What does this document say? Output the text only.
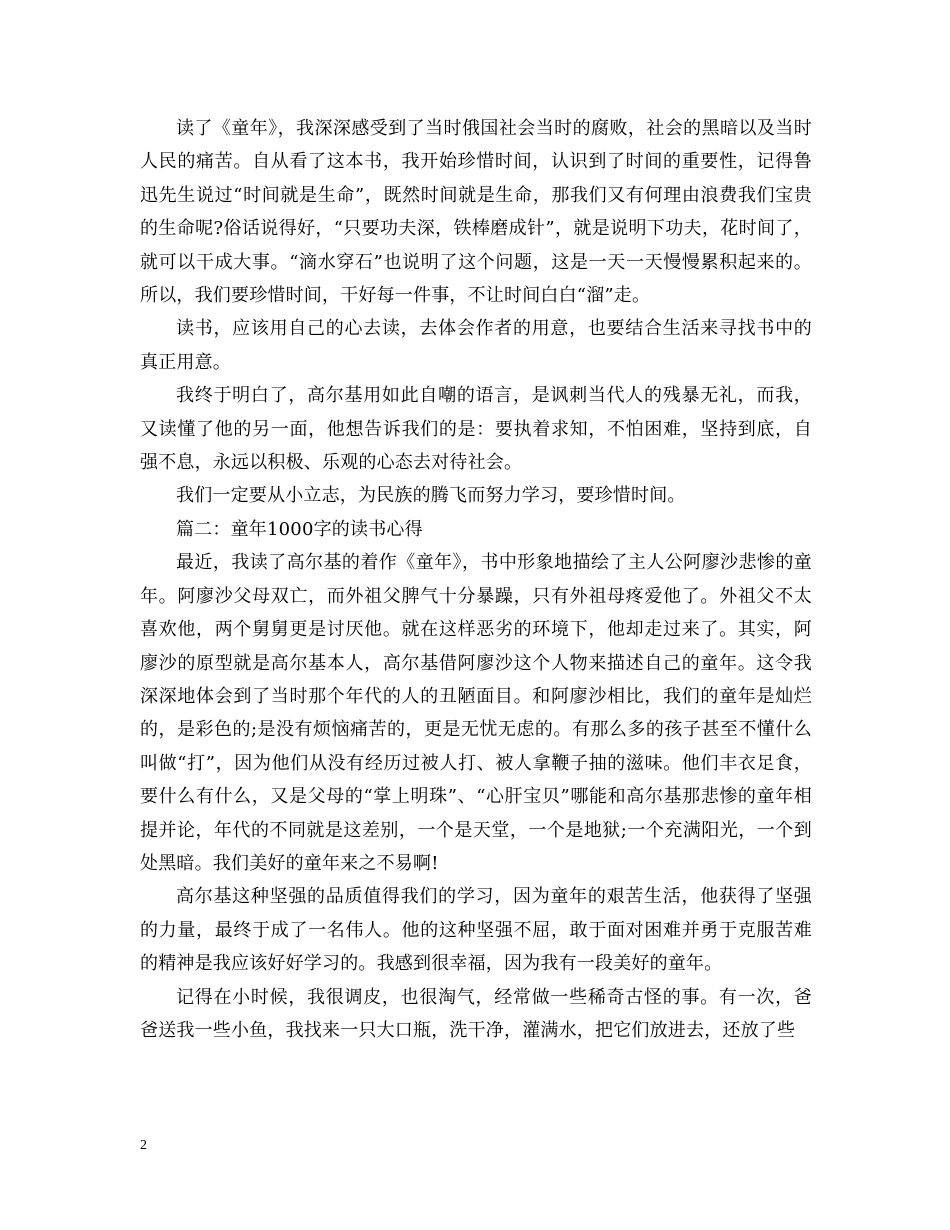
读了《童年》，我深深感受到了当时俄国社会当时的腐败，社会的黑暗以及当时人民的痛苦。自从看了这本书，我开始珍惜时间，认识到了时间的重要性，记得鲁迅先生说过“时间就是生命”，既然时间就是生命，那我们又有何理由浪费我们宝贵的生命呢?俗话说得好，“只要功夫深，铁棒磨成针”，就是说明下功夫，花时间了，就可以干成大事。“滴水穿石”也说明了这个问题，这是一天一天慢慢累积起来的。所以，我们要珍惜时间，干好每一件事，不让时间白白“溜”走。

读书，应该用自己的心去读，去体会作者的用意，也要结合生活来寻找书中的真正用意。

我终于明白了，高尔基用如此自嘲的语言，是讽刺当代人的残暴无礼，而我，又读懂了他的另一面，他想告诉我们的是：要执着求知，不怕困难，坚持到底，自强不息，永远以积极、乐观的心态去对待社会。

我们一定要从小立志，为民族的腾飞而努力学习，要珍惜时间。

篇二：童年1000字的读书心得

最近，我读了高尔基的着作《童年》，书中形象地描绘了主人公阿廖沙悲惨的童年。阿廖沙父母双亡，而外祖父脾气十分暴躁，只有外祖母疼爱他了。外祖父不太喜欢他，两个舅舅更是讨厌他。就在这样恶劣的环境下，他却走过来了。其实，阿廖沙的原型就是高尔基本人，高尔基借阿廖沙这个人物来描述自己的童年。这令我深深地体会到了当时那个年代的人的丑陋面目。和阿廖沙相比，我们的童年是灿烂的，是彩色的;是没有烦恼痛苦的，更是无忧无虑的。有那么多的孩子甚至不懂什么叫做“打”，因为他们从没有经历过被人打、被人拿鞭子抽的滋味。他们丰衣足食，要什么有什么，又是父母的“掌上明珠”、“心肝宝贝”哪能和高尔基那悲惨的童年相提并论，年代的不同就是这差别，一个是天堂，一个是地狱;一个充满阳光，一个到处黑暗。我们美好的童年来之不易啊!

高尔基这种坚强的品质值得我们的学习，因为童年的艰苦生活，他获得了坚强的力量，最终于成了一名伟人。他的这种坚强不屈，敢于面对困难并勇于克服苦难的精神是我应该好好学习的。我感到很幸福，因为我有一段美好的童年。

记得在小时候，我很调皮，也很淘气，经常做一些稀奇古怪的事。有一次，爸爸送我一些小鱼，我找来一只大口瓶，洗干净，灌满水，把它们放进去，还放了些

2
